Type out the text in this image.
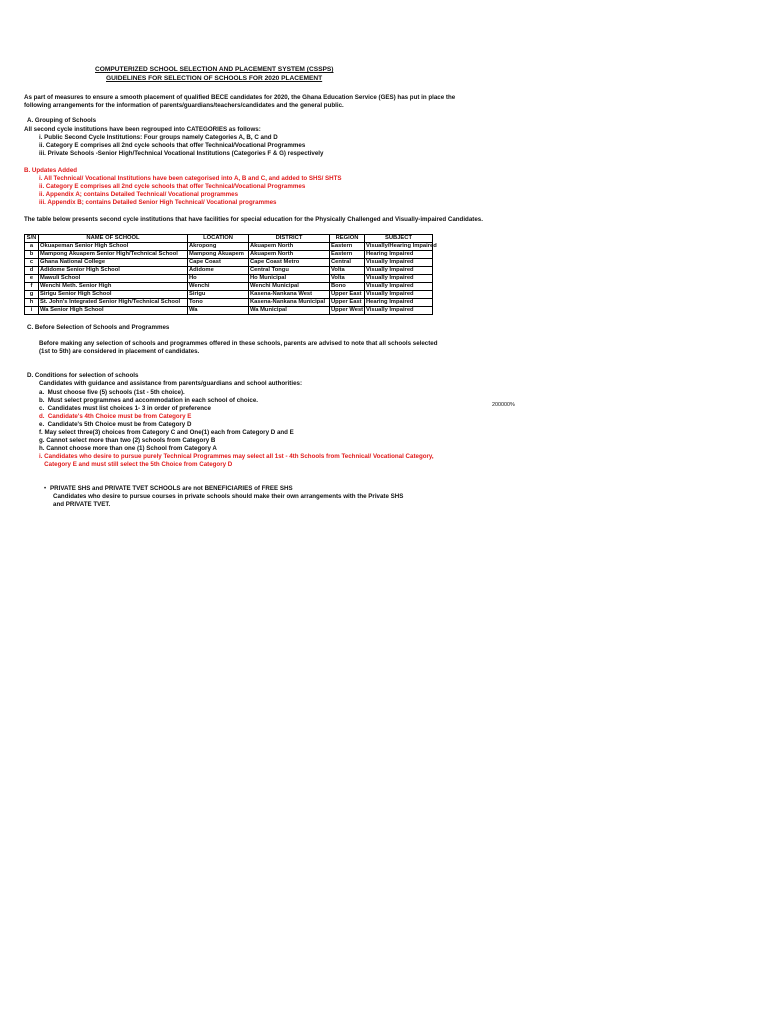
COMPUTERIZED SCHOOL SELECTION AND PLACEMENT SYSTEM (CSSPS)
GUIDELINES FOR SELECTION OF SCHOOLS FOR 2020 PLACEMENT
As part of measures to ensure a smooth placement of qualified BECE candidates for 2020, the Ghana Education Service (GES) has put in place the
following arrangements for the information of parents/guardians/teachers/candidates and the general public.
A. Grouping of Schools
All second cycle institutions have been regrouped into CATEGORIES as follows:
i. Public Second Cycle Institutions: Four groups namely Categories A, B, C and D
ii. Category E comprises all 2nd cycle schools that offer Technical/Vocational Programmes
iii. Private Schools -Senior High/Technical Vocational Institutions (Categories F & G) respectively
B. Updates Added
i. All Technical/ Vocational Institutions have been categorised into A, B and C, and added to SHS/ SHTS
ii. Category E comprises all 2nd cycle schools that offer Technical/Vocational Programmes
ii. Appendix A; contains Detailed Technical/ Vocational programmes
iii. Appendix B; contains Detailed Senior High Technical/ Vocational programmes
The table below presents second cycle institutions that have facilities for special education for the Physically Challenged and Visually-impaired Candidates.
S/N	NAME OF SCHOOL	LOCATION	DISTRICT	REGION	SUBJECT

a	Okuapeman Senior High School	Akropong	Akuapem North	Eastern	Visually/Hearing Impaired

b	Mampong Akuapem Senior High/Technical School	Mampong Akuapem	Akuapem North	Eastern	Hearing Impaired

c	Ghana National College	Cape Coast	Cape Coast Metro	Central	Visually Impaired

d	Adidome Senior High School	Adidome	Central Tongu	Volta	Visually Impaired

e	Mawuli School	Ho	Ho Municipal	Volta	Visually Impaired

f	Wenchi Meth. Senior High	Wenchi	Wenchi Municipal	Bono	Visually Impaired

g	Sirigu Senior High School	Sirigu	Kasena-Nankana West	Upper East	Visually Impaired

h	St. John's Integrated Senior High/Technical School	Tono	Kasena-Nankana Municipal	Upper East	Hearing Impaired

i	Wa Senior High School	Wa	Wa Municipal	Upper West	Visually Impaired
C. Before Selection of Schools and Programmes
Before making any selection of schools and programmes offered in these schools, parents are advised to note that all schools selected
(1st to 5th) are considered in placement of candidates.
D. Conditions for selection of schools
Candidates with guidance and assistance from parents/guardians and school authorities:
a.  Must choose five (5) schools (1st - 5th choice).
b.  Must select programmes and accommodation in each school of choice.
c.  Candidates must list choices 1- 3 in order of preference
d.  Candidate's 4th Choice must be from Category E
e.  Candidate's 5th Choice must be from Category D
f. May select three(3) choices from Category C and One(1) each from Category D and E
g. Cannot select more than two (2) schools from Category B
h. Cannot choose more than one (1) School from Category A
i. Candidates who desire to pursue purely Technical Programmes may select all 1st - 4th Schools from Technical/ Vocational Category,
Category E and must still select the 5th Choice from Category D
200000%
• PRIVATE SHS and PRIVATE TVET SCHOOLS are not BENEFICIARIES of FREE SHS
Candidates who desire to pursue courses in private schools should make their own arrangements with the Private SHS
and PRIVATE TVET.
